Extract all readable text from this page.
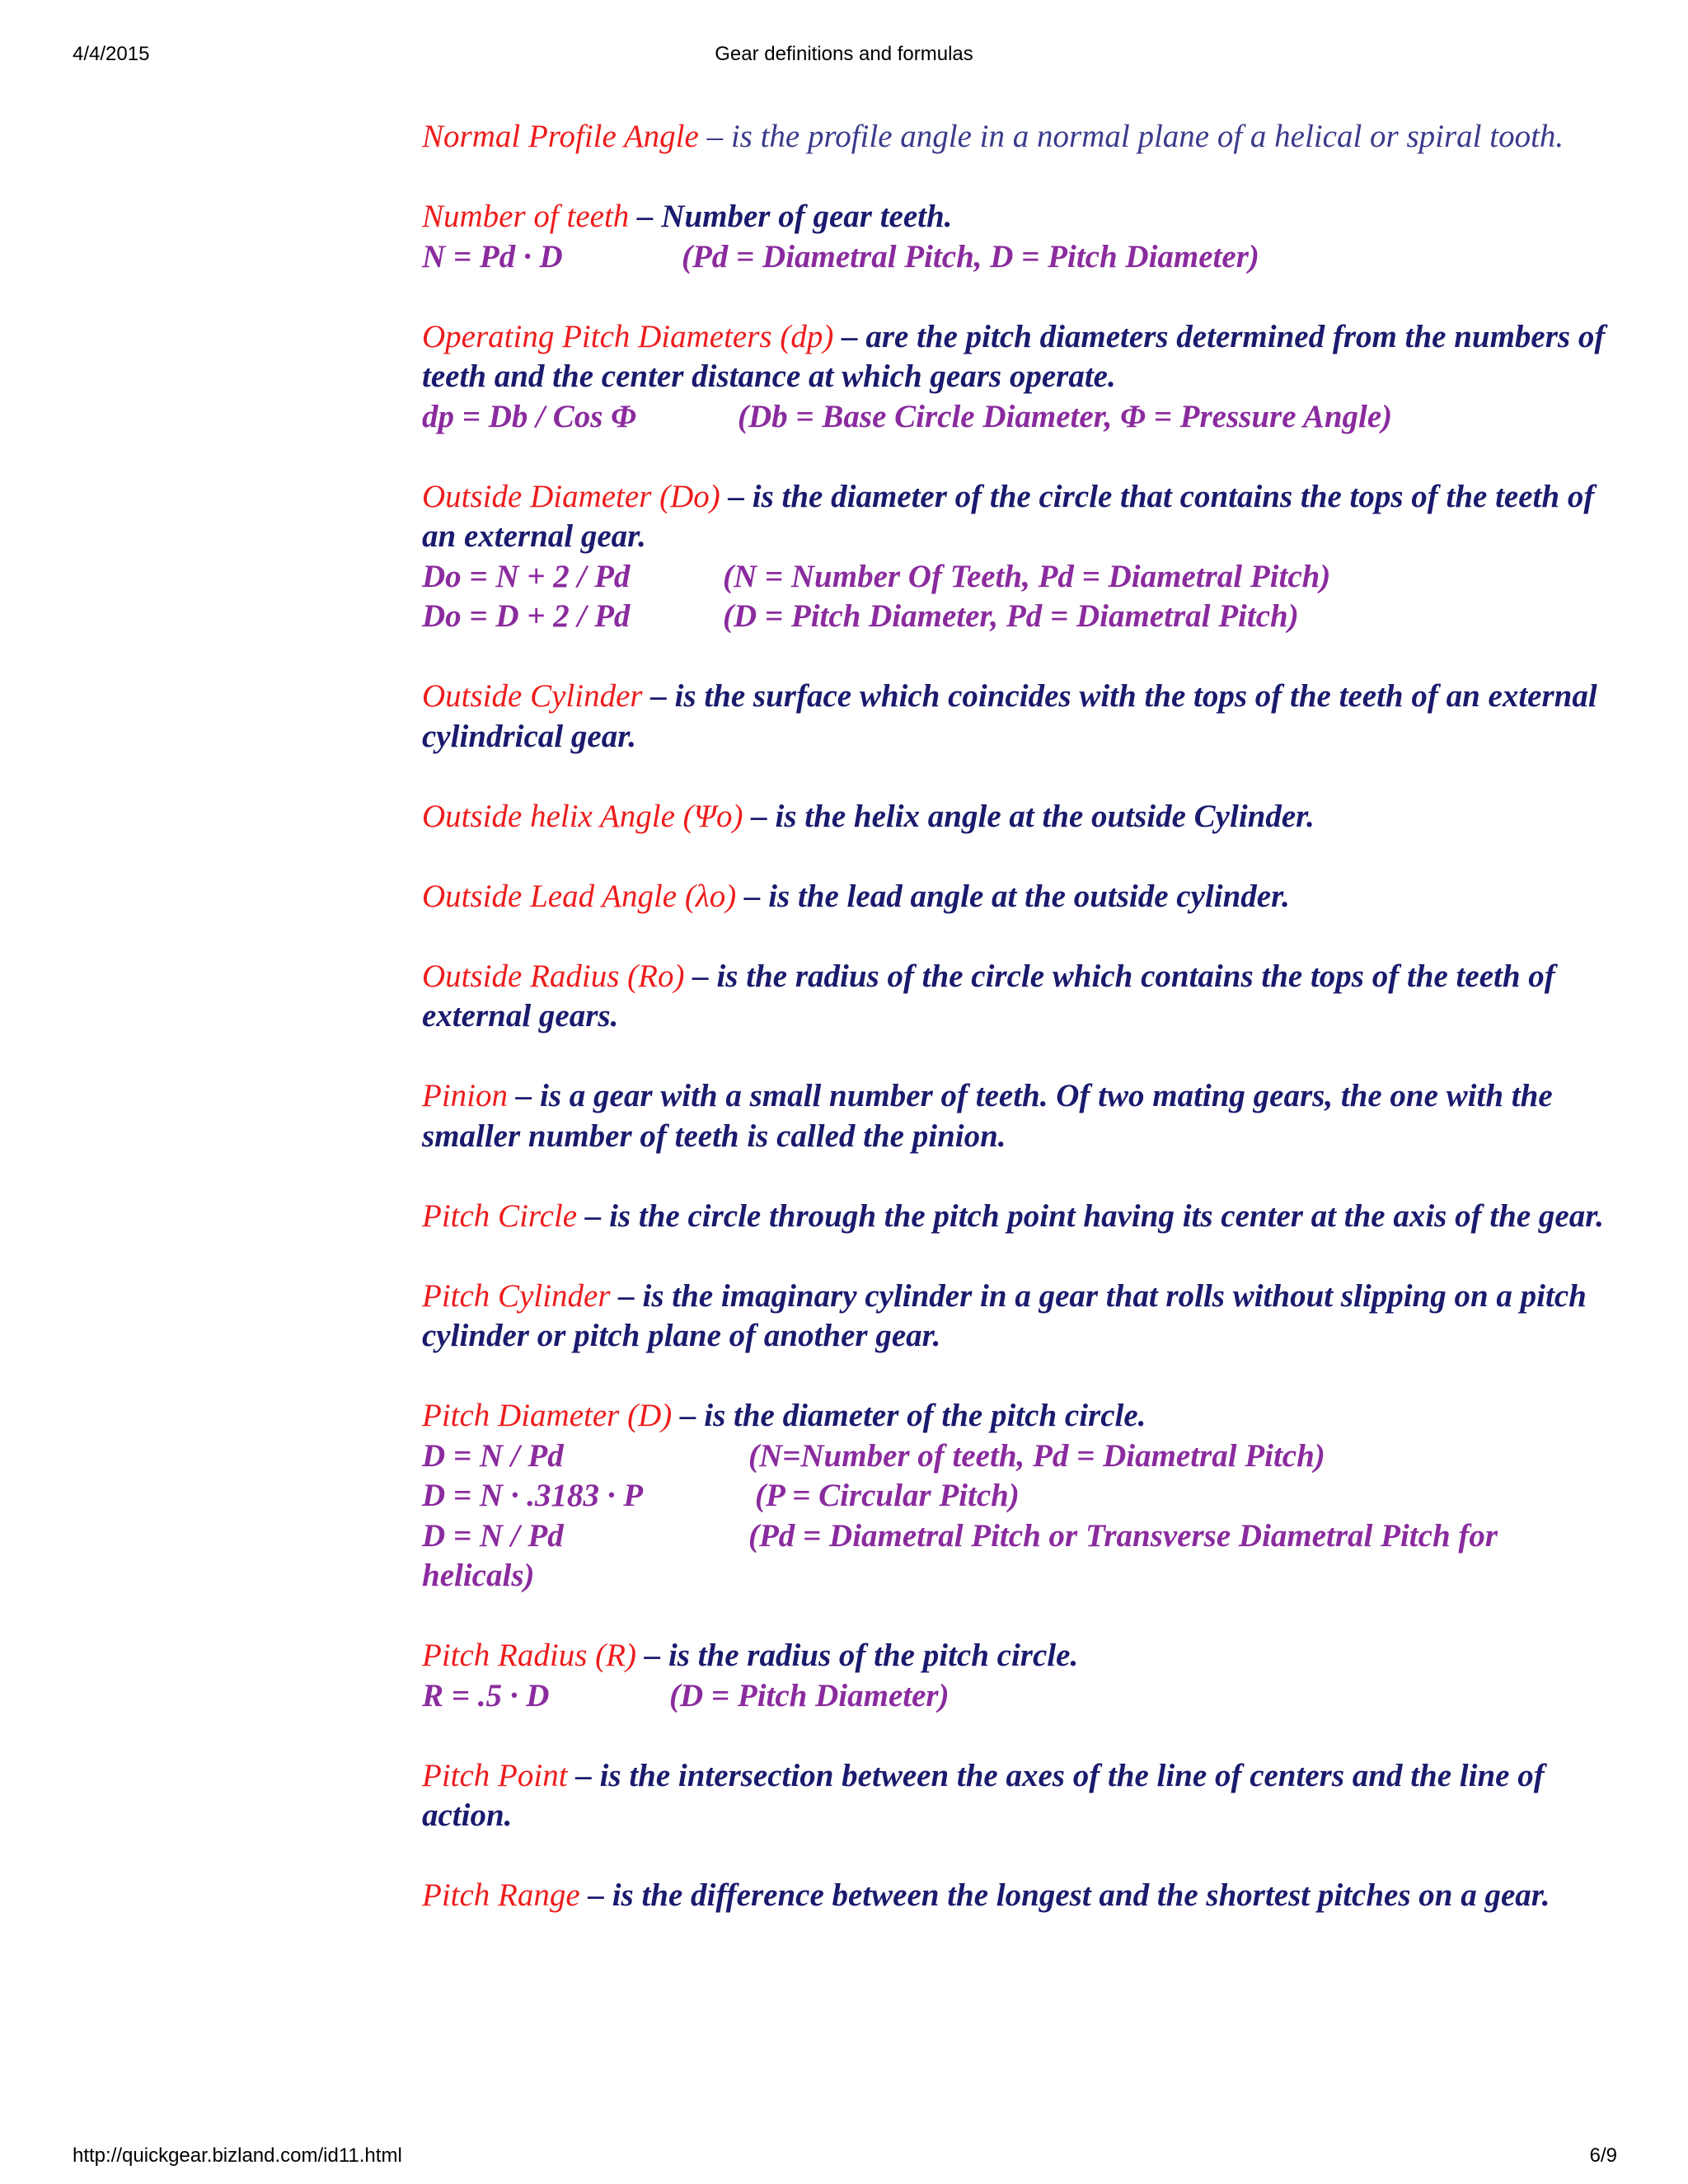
4/4/2015	Gear definitions and formulas
Normal Profile Angle – is the profile angle in a normal plane of a helical or spiral tooth.
Number of teeth – Number of gear teeth.
N = Pd · D	(Pd = Diametral Pitch, D = Pitch Diameter)
Operating Pitch Diameters (dp) – are the pitch diameters determined from the numbers of teeth and the center distance at which gears operate.
dp = Db / Cos Φ	(Db = Base Circle Diameter, Φ = Pressure Angle)
Outside Diameter (Do) – is the diameter of the circle that contains the tops of the teeth of an external gear.
Do = N + 2 / Pd	(N = Number Of Teeth, Pd = Diametral Pitch)
Do = D + 2 / Pd	(D = Pitch Diameter, Pd = Diametral Pitch)
Outside Cylinder – is the surface which coincides with the tops of the teeth of an external cylindrical gear.
Outside helix Angle (Ψo) – is the helix angle at the outside Cylinder.
Outside Lead Angle (λo) – is the lead angle at the outside cylinder.
Outside Radius (Ro) – is the radius of the circle which contains the tops of the teeth of external gears.
Pinion – is a gear with a small number of teeth. Of two mating gears, the one with the smaller number of teeth is called the pinion.
Pitch Circle – is the circle through the pitch point having its center at the axis of the gear.
Pitch Cylinder – is the imaginary cylinder in a gear that rolls without slipping on a pitch cylinder or pitch plane of another gear.
Pitch Diameter (D) – is the diameter of the pitch circle.
D = N / Pd	(N=Number of teeth, Pd = Diametral Pitch)
D = N · .3183 · P	(P = Circular Pitch)
D = N / Pd	(Pd = Diametral Pitch or Transverse Diametral Pitch for
helicals)
Pitch Radius (R) – is the radius of the pitch circle.
R = .5 · D	(D = Pitch Diameter)
Pitch Point – is the intersection between the axes of the line of centers and the line of action.
Pitch Range – is the difference between the longest and the shortest pitches on a gear.
http://quickgear.bizland.com/id11.html	6/9
